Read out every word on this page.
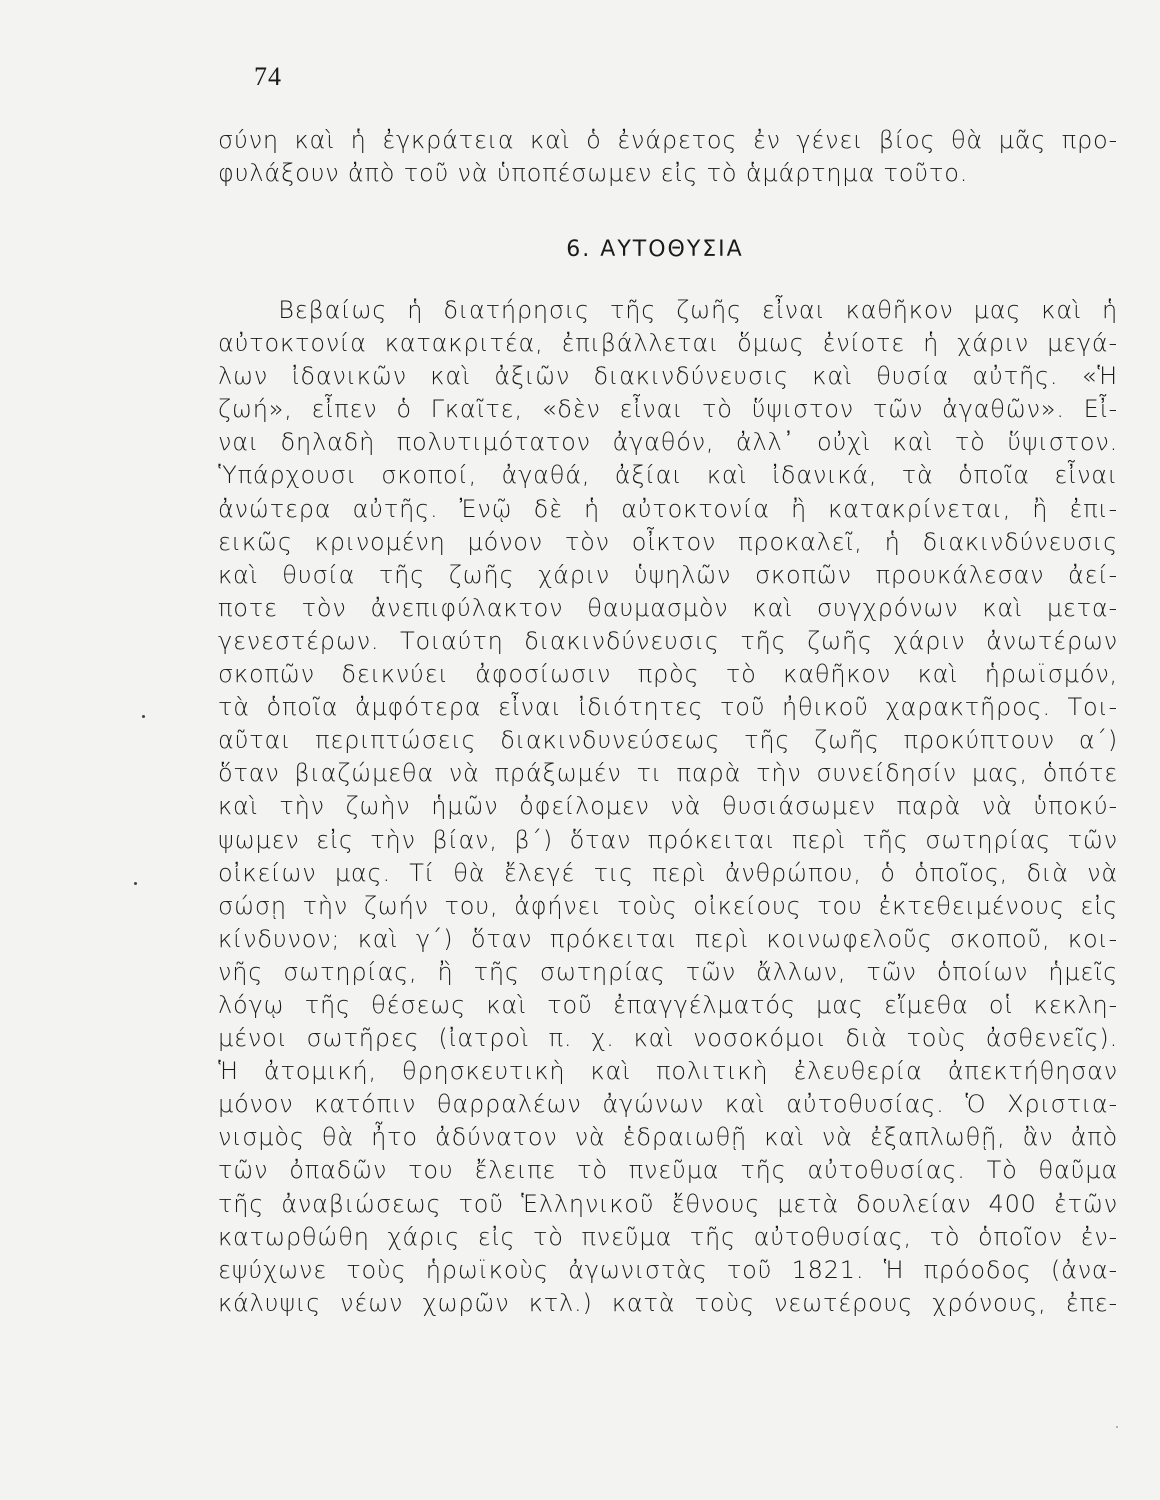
74
σύνη καὶ ἡ ἐγκράτεια καὶ ὁ ἐνάρετος ἐν γένει βίος θὰ μᾶς προ-
φυλάξουν ἀπὸ τοῦ νὰ ὑποπέσωμεν εἰς τὸ ἁμάρτημα τοῦτο.
6. ΑΥΤΟΘΥΣΙΑ
Βεβαίως ἡ διατήρησις τῆς ζωῆς εἶναι καθῆκον μας καὶ ἡ
αὐτοκτονία κατακριτέα, ἐπιβάλλεται ὅμως ἐνίοτε ἡ χάριν μεγά-
λων ἰδανικῶν καὶ ἀξιῶν διακινδύνευσις καὶ θυσία αὐτῆς. «Ἡ
ζωή», εἶπεν ὁ Γκαῖτε, «δὲν εἶναι τὸ ὕψιστον τῶν ἀγαθῶν». Εἶ-
ναι δηλαδὴ πολυτιμότατον ἀγαθόν, ἀλλ᾿ οὐχὶ καὶ τὸ ὕψιστον.
Ὑπάρχουσι σκοποί, ἀγαθά, ἀξίαι καὶ ἰδανικά, τὰ ὁποῖα εἶναι
ἀνώτερα αὐτῆς. Ἐνῷ δὲ ἡ αὐτοκτονία ἢ κατακρίνεται, ἢ ἐπι-
εικῶς κρινομένη μόνον τὸν οἶκτον προκαλεῖ, ἡ διακινδύνευσις
καὶ θυσία τῆς ζωῆς χάριν ὑψηλῶν σκοπῶν προυκάλεσαν ἀεί-
ποτε τὸν ἀνεπιφύλακτον θαυμασμὸν καὶ συγχρόνων καὶ μετα-
γενεστέρων. Τοιαύτη διακινδύνευσις τῆς ζωῆς χάριν ἀνωτέρων
σκοπῶν δεικνύει ἀφοσίωσιν πρὸς τὸ καθῆκον καὶ ἡρωϊσμόν,
τὰ ὁποῖα ἀμφότερα εἶναι ἰδιότητες τοῦ ἠθικοῦ χαρακτῆρος. Τοι-
αῦται περιπτώσεις διακινδυνεύσεως τῆς ζωῆς προκύπτουν α΄)
ὅταν βιαζώμεθα νὰ πράξωμέν τι παρὰ τὴν συνείδησίν μας, ὁπότε
καὶ τὴν ζωὴν ἡμῶν ὀφείλομεν νὰ θυσιάσωμεν παρὰ νὰ ὑποκύ-
ψωμεν εἰς τὴν βίαν, β΄) ὅταν πρόκειται περὶ τῆς σωτηρίας τῶν
οἰκείων μας. Τί θὰ ἔλεγέ τις περὶ ἀνθρώπου, ὁ ὁποῖος, διὰ νὰ
σώσῃ τὴν ζωήν του, ἀφήνει τοὺς οἰκείους του ἐκτεθειμένους εἰς
κίνδυνον; καὶ γ΄) ὅταν πρόκειται περὶ κοινωφελοῦς σκοποῦ, κοι-
νῆς σωτηρίας, ἢ τῆς σωτηρίας τῶν ἄλλων, τῶν ὁποίων ἡμεῖς
λόγῳ τῆς θέσεως καὶ τοῦ ἐπαγγέλματός μας εἴμεθα οἱ κεκλη-
μένοι σωτῆρες (ἰατροὶ π. χ. καὶ νοσοκόμοι διὰ τοὺς ἀσθενεῖς).
Ἡ ἀτομική, θρησκευτικὴ καὶ πολιτικὴ ἐλευθερία ἀπεκτήθησαν
μόνον κατόπιν θαρραλέων ἀγώνων καὶ αὐτοθυσίας. Ὁ Χριστια-
νισμὸς θὰ ἦτο ἀδύνατον νὰ ἑδραιωθῇ καὶ νὰ ἐξαπλωθῇ, ἂν ἀπὸ
τῶν ὀπαδῶν του ἔλειπε τὸ πνεῦμα τῆς αὐτοθυσίας. Τὸ θαῦμα
τῆς ἀναβιώσεως τοῦ Ἑλληνικοῦ ἔθνους μετὰ δουλείαν 400 ἐτῶν
κατωρθώθη χάρις εἰς τὸ πνεῦμα τῆς αὐτοθυσίας, τὸ ὁποῖον ἐν-
εψύχωνε τοὺς ἡρωϊκοὺς ἀγωνιστὰς τοῦ 1821. Ἡ πρόοδος (ἀνα-
κάλυψις νέων χωρῶν κτλ.) κατὰ τοὺς νεωτέρους χρόνους, ἐπε-
